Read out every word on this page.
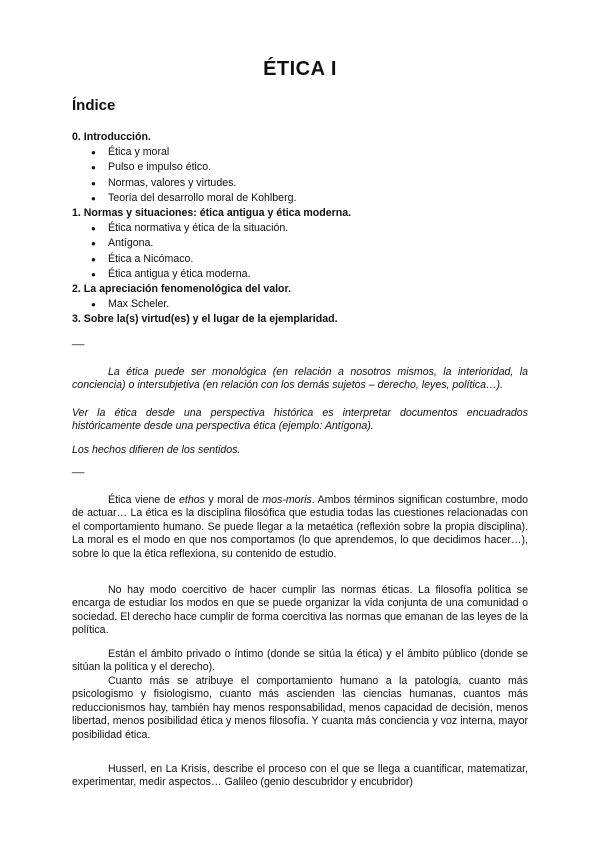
ÉTICA I
Índice
0. Introducción.
● Ética y moral
● Pulso e impulso ético.
● Normas, valores y virtudes.
● Teoría del desarrollo moral de Kohlberg.
1. Normas y situaciones: ética antigua y ética moderna.
● Ética normativa y ética de la situación.
● Antígona.
● Ética a Nicómaco.
● Ética antigua y ética moderna.
2. La apreciación fenomenológica del valor.
● Max Scheler.
3. Sobre la(s) virtud(es) y el lugar de la ejemplaridad.
__

La ética puede ser monológica (en relación a nosotros mismos, la interioridad, la conciencia) o intersubjetiva (en relación con los demás sujetos – derecho, leyes, política…).

Ver la ética desde una perspectiva histórica es interpretar documentos encuadrados históricamente desde una perspectiva ética (ejemplo: Antígona).

Los hechos difieren de los sentidos.

__

Ética viene de ethos y moral de mos-moris. Ambos términos significan costumbre, modo de actuar… La ética es la disciplina filosófica que estudia todas las cuestiones relacionadas con el comportamiento humano. Se puede llegar a la metaética (reflexión sobre la propia disciplina). La moral es el modo en que nos comportamos (lo que aprendemos, lo que decidimos hacer…), sobre lo que la ética reflexiona, su contenido de estudio.

No hay modo coercitivo de hacer cumplir las normas éticas. La filosofía política se encarga de estudiar los modos en que se puede organizar la vida conjunta de una comunidad o sociedad. El derecho hace cumplir de forma coercitiva las normas que emanan de las leyes de la política.

Están el ámbito privado o íntimo (donde se sitúa la ética) y el ámbito público (donde se sitúan la política y el derecho).

Cuanto más se atribuye el comportamiento humano a la patología, cuanto más psicologismo y fisiologismo, cuanto más ascienden las ciencias humanas, cuantos más reduccionismos hay, también hay menos responsabilidad, menos capacidad de decisión, menos libertad, menos posibilidad ética y menos filosofía. Y cuanta más conciencia y voz interna, mayor posibilidad ética.

Husserl, en La Krisis, describe el proceso con el que se llega a cuantificar, matematizar, experimentar, medir aspectos… Galileo (genio descubridor y encubridor)
